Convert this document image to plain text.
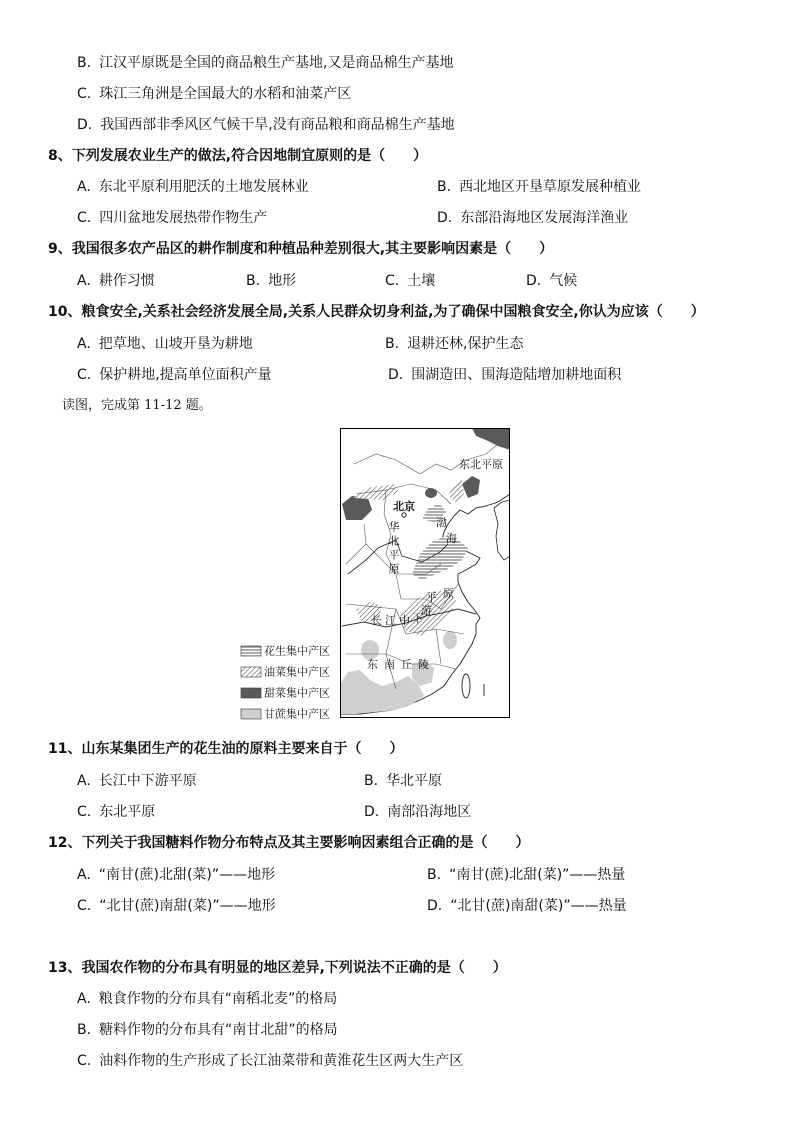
B. 江汉平原既是全国的商品粮生产基地,又是商品棉生产基地
C. 珠江三角洲是全国最大的水稻和油菜产区
D. 我国西部非季风区气候干旱,没有商品粮和商品棉生产基地
8、下列发展农业生产的做法,符合因地制宜原则的是（　　）
A. 东北平原利用肥沃的土地发展林业	B. 西北地区开垦草原发展种植业
C. 四川盆地发展热带作物生产	D. 东部沿海地区发展海洋渔业
9、我国很多农产品区的耕作制度和种植品种差别很大,其主要影响因素是（　　）
A. 耕作习惯	B. 地形	C. 土壤	D. 气候
10、粮食安全,关系社会经济发展全局,关系人民群众切身利益,为了确保中国粮食安全,你认为应该（　　）
A. 把草地、山坡开垦为耕地	B. 退耕还林,保护生态
C. 保护耕地,提高单位面积产量	D. 围湖造田、围海造陆增加耕地面积
读图，完成第 11-12 题。
花生集中产区
油菜集中产区
甜菜集中产区
甘蔗集中产区
东北平原
北京
渤
海
华北平原
长 江 中 下
游
平 原
东南丘陵
11、山东某集团生产的花生油的原料主要来自于（　　）
A. 长江中下游平原	B. 华北平原
C. 东北平原	D. 南部沿海地区
12、下列关于我国糖料作物分布特点及其主要影响因素组合正确的是（　　）
A. “南甘(蔗)北甜(菜)”——地形	B. “南甘(蔗)北甜(菜)”——热量
C. “北甘(蔗)南甜(菜)”——地形	D. “北甘(蔗)南甜(菜)”——热量
13、我国农作物的分布具有明显的地区差异,下列说法不正确的是（　　）
A. 粮食作物的分布具有“南稻北麦”的格局
B. 糖料作物的分布具有“南甘北甜”的格局
C. 油料作物的生产形成了长江油菜带和黄淮花生区两大生产区
